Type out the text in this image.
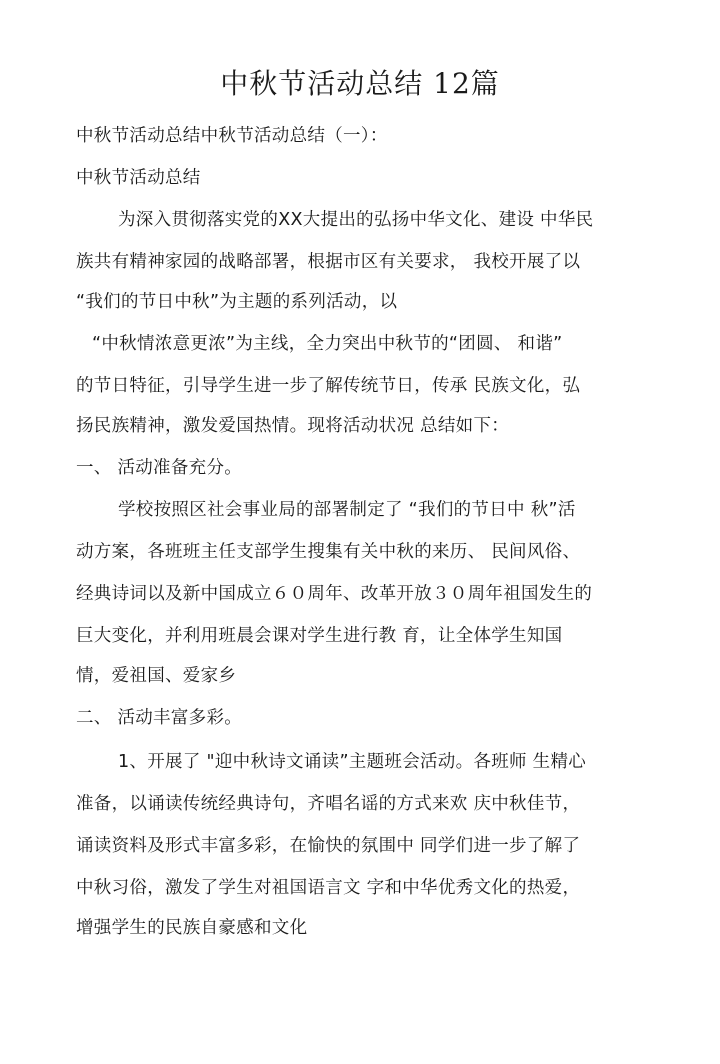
中秋节活动总结 12篇
中秋节活动总结中秋节活动总结（一）：
中秋节活动总结
为深入贯彻落实党的XX大提出的弘扬中华文化、建设 中华民
族共有精神家园的战略部署，根据市区有关要求， 我校开展了以
“我们的节日中秋”为主题的系列活动，以
“中秋情浓意更浓”为主线，全力突出中秋节的“团圆、 和谐”
的节日特征，引导学生进一步了解传统节日，传承 民族文化，弘
扬民族精神，激发爱国热情。现将活动状况 总结如下：
一、 活动准备充分。
学校按照区社会事业局的部署制定了 “我们的节日中 秋”活
动方案，各班班主任支部学生搜集有关中秋的来历、 民间风俗、
经典诗词以及新中国成立６０周年、改革开放３０周年祖国发生的
巨大变化，并利用班晨会课对学生进行教 育，让全体学生知国
情，爱祖国、爱家乡
二、 活动丰富多彩。
1、开展了 "迎中秋诗文诵读”主题班会活动。各班师 生精心
准备，以诵读传统经典诗句，齐唱名谣的方式来欢 庆中秋佳节，
诵读资料及形式丰富多彩，在愉快的氛围中 同学们进一步了解了
中秋习俗，激发了学生对祖国语言文 字和中华优秀文化的热爱，
增强学生的民族自豪感和文化
